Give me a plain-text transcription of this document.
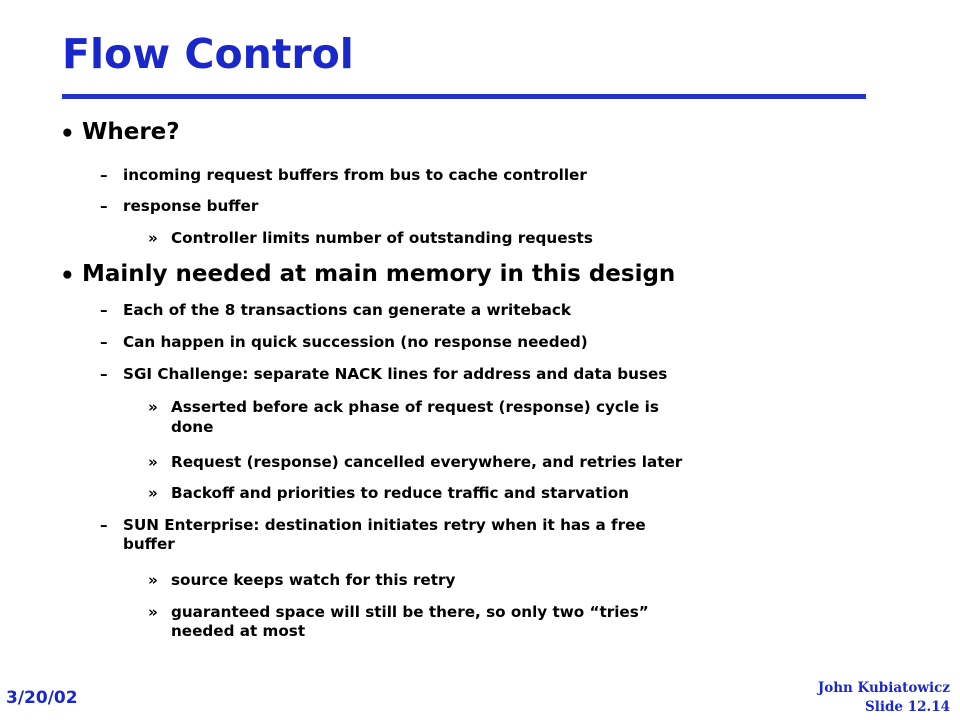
Flow Control
• Where?
– incoming request buffers from bus to cache controller
– response buffer
» Controller limits number of outstanding requests
• Mainly needed at main memory in this design
– Each of the 8 transactions can generate a writeback
– Can happen in quick succession (no response needed)
– SGI Challenge: separate NACK lines for address and data buses
» Asserted before ack phase of request (response) cycle is
done
» Request (response) cancelled everywhere, and retries later
» Backoff and priorities to reduce traffic and starvation
– SUN Enterprise: destination initiates retry when it has a free
buffer
» source keeps watch for this retry
» guaranteed space will still be there, so only two “tries”
needed at most
3/20/02	John Kubiatowicz
Slide 12.14
